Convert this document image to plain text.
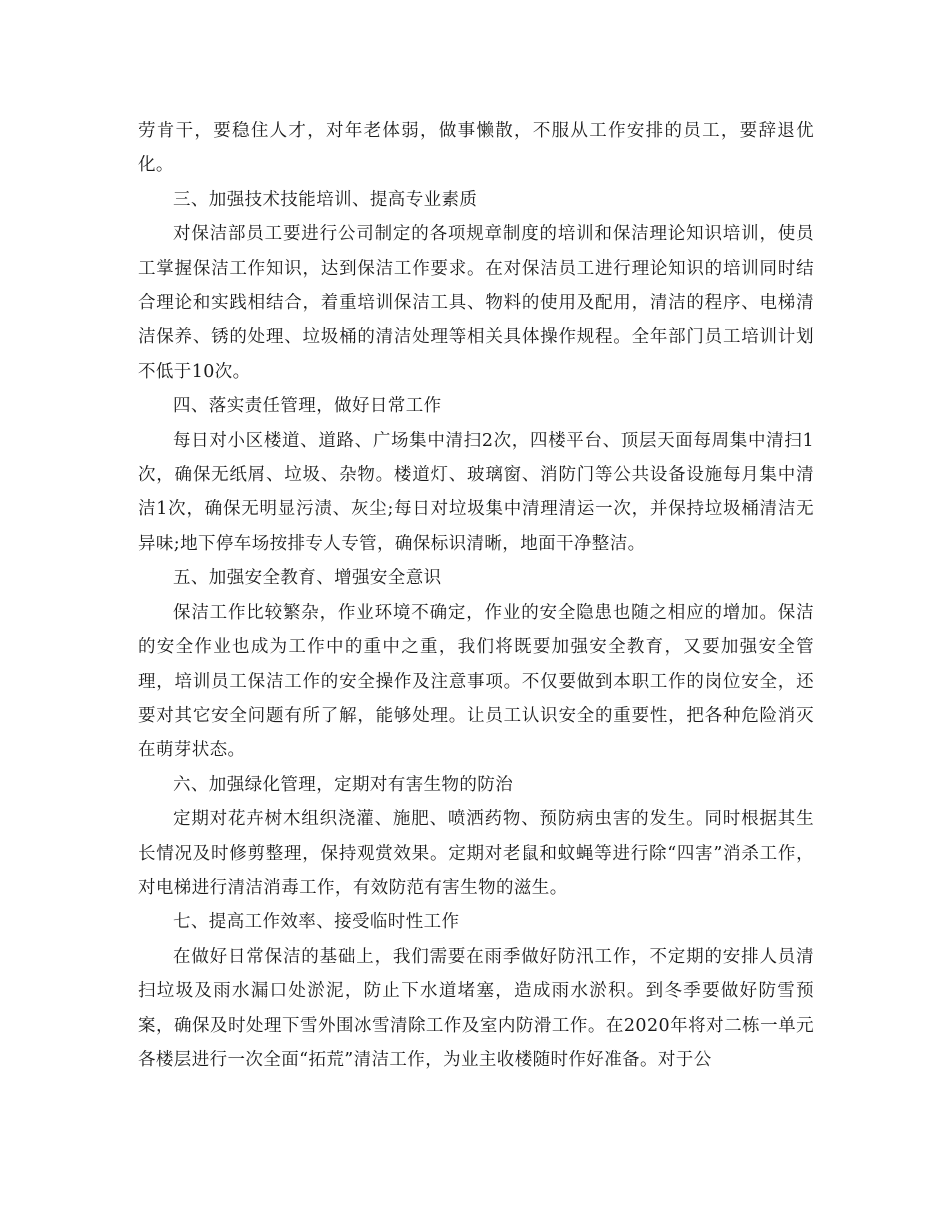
劳肯干，要稳住人才，对年老体弱，做事懒散，不服从工作安排的员工，要辞退优化。

三、加强技术技能培训、提高专业素质

对保洁部员工要进行公司制定的各项规章制度的培训和保洁理论知识培训，使员工掌握保洁工作知识，达到保洁工作要求。在对保洁员工进行理论知识的培训同时结合理论和实践相结合，着重培训保洁工具、物料的使用及配用，清洁的程序、电梯清洁保养、锈的处理、垃圾桶的清洁处理等相关具体操作规程。全年部门员工培训计划不低于10次。

四、落实责任管理，做好日常工作

每日对小区楼道、道路、广场集中清扫2次，四楼平台、顶层天面每周集中清扫1次，确保无纸屑、垃圾、杂物。楼道灯、玻璃窗、消防门等公共设备设施每月集中清洁1次，确保无明显污渍、灰尘;每日对垃圾集中清理清运一次，并保持垃圾桶清洁无异味;地下停车场按排专人专管，确保标识清晰，地面干净整洁。

五、加强安全教育、增强安全意识

保洁工作比较繁杂，作业环境不确定，作业的安全隐患也随之相应的增加。保洁的安全作业也成为工作中的重中之重，我们将既要加强安全教育，又要加强安全管理，培训员工保洁工作的安全操作及注意事项。不仅要做到本职工作的岗位安全，还要对其它安全问题有所了解，能够处理。让员工认识安全的重要性，把各种危险消灭在萌芽状态。

六、加强绿化管理，定期对有害生物的防治

定期对花卉树木组织浇灌、施肥、喷洒药物、预防病虫害的发生。同时根据其生长情况及时修剪整理，保持观赏效果。定期对老鼠和蚊蝇等进行除“四害”消杀工作，对电梯进行清洁消毒工作，有效防范有害生物的滋生。

七、提高工作效率、接受临时性工作

在做好日常保洁的基础上，我们需要在雨季做好防汛工作，不定期的安排人员清扫垃圾及雨水漏口处淤泥，防止下水道堵塞，造成雨水淤积。到冬季要做好防雪预案，确保及时处理下雪外围冰雪清除工作及室内防滑工作。在2020年将对二栋一单元各楼层进行一次全面“拓荒”清洁工作，为业主收楼随时作好准备。对于公
